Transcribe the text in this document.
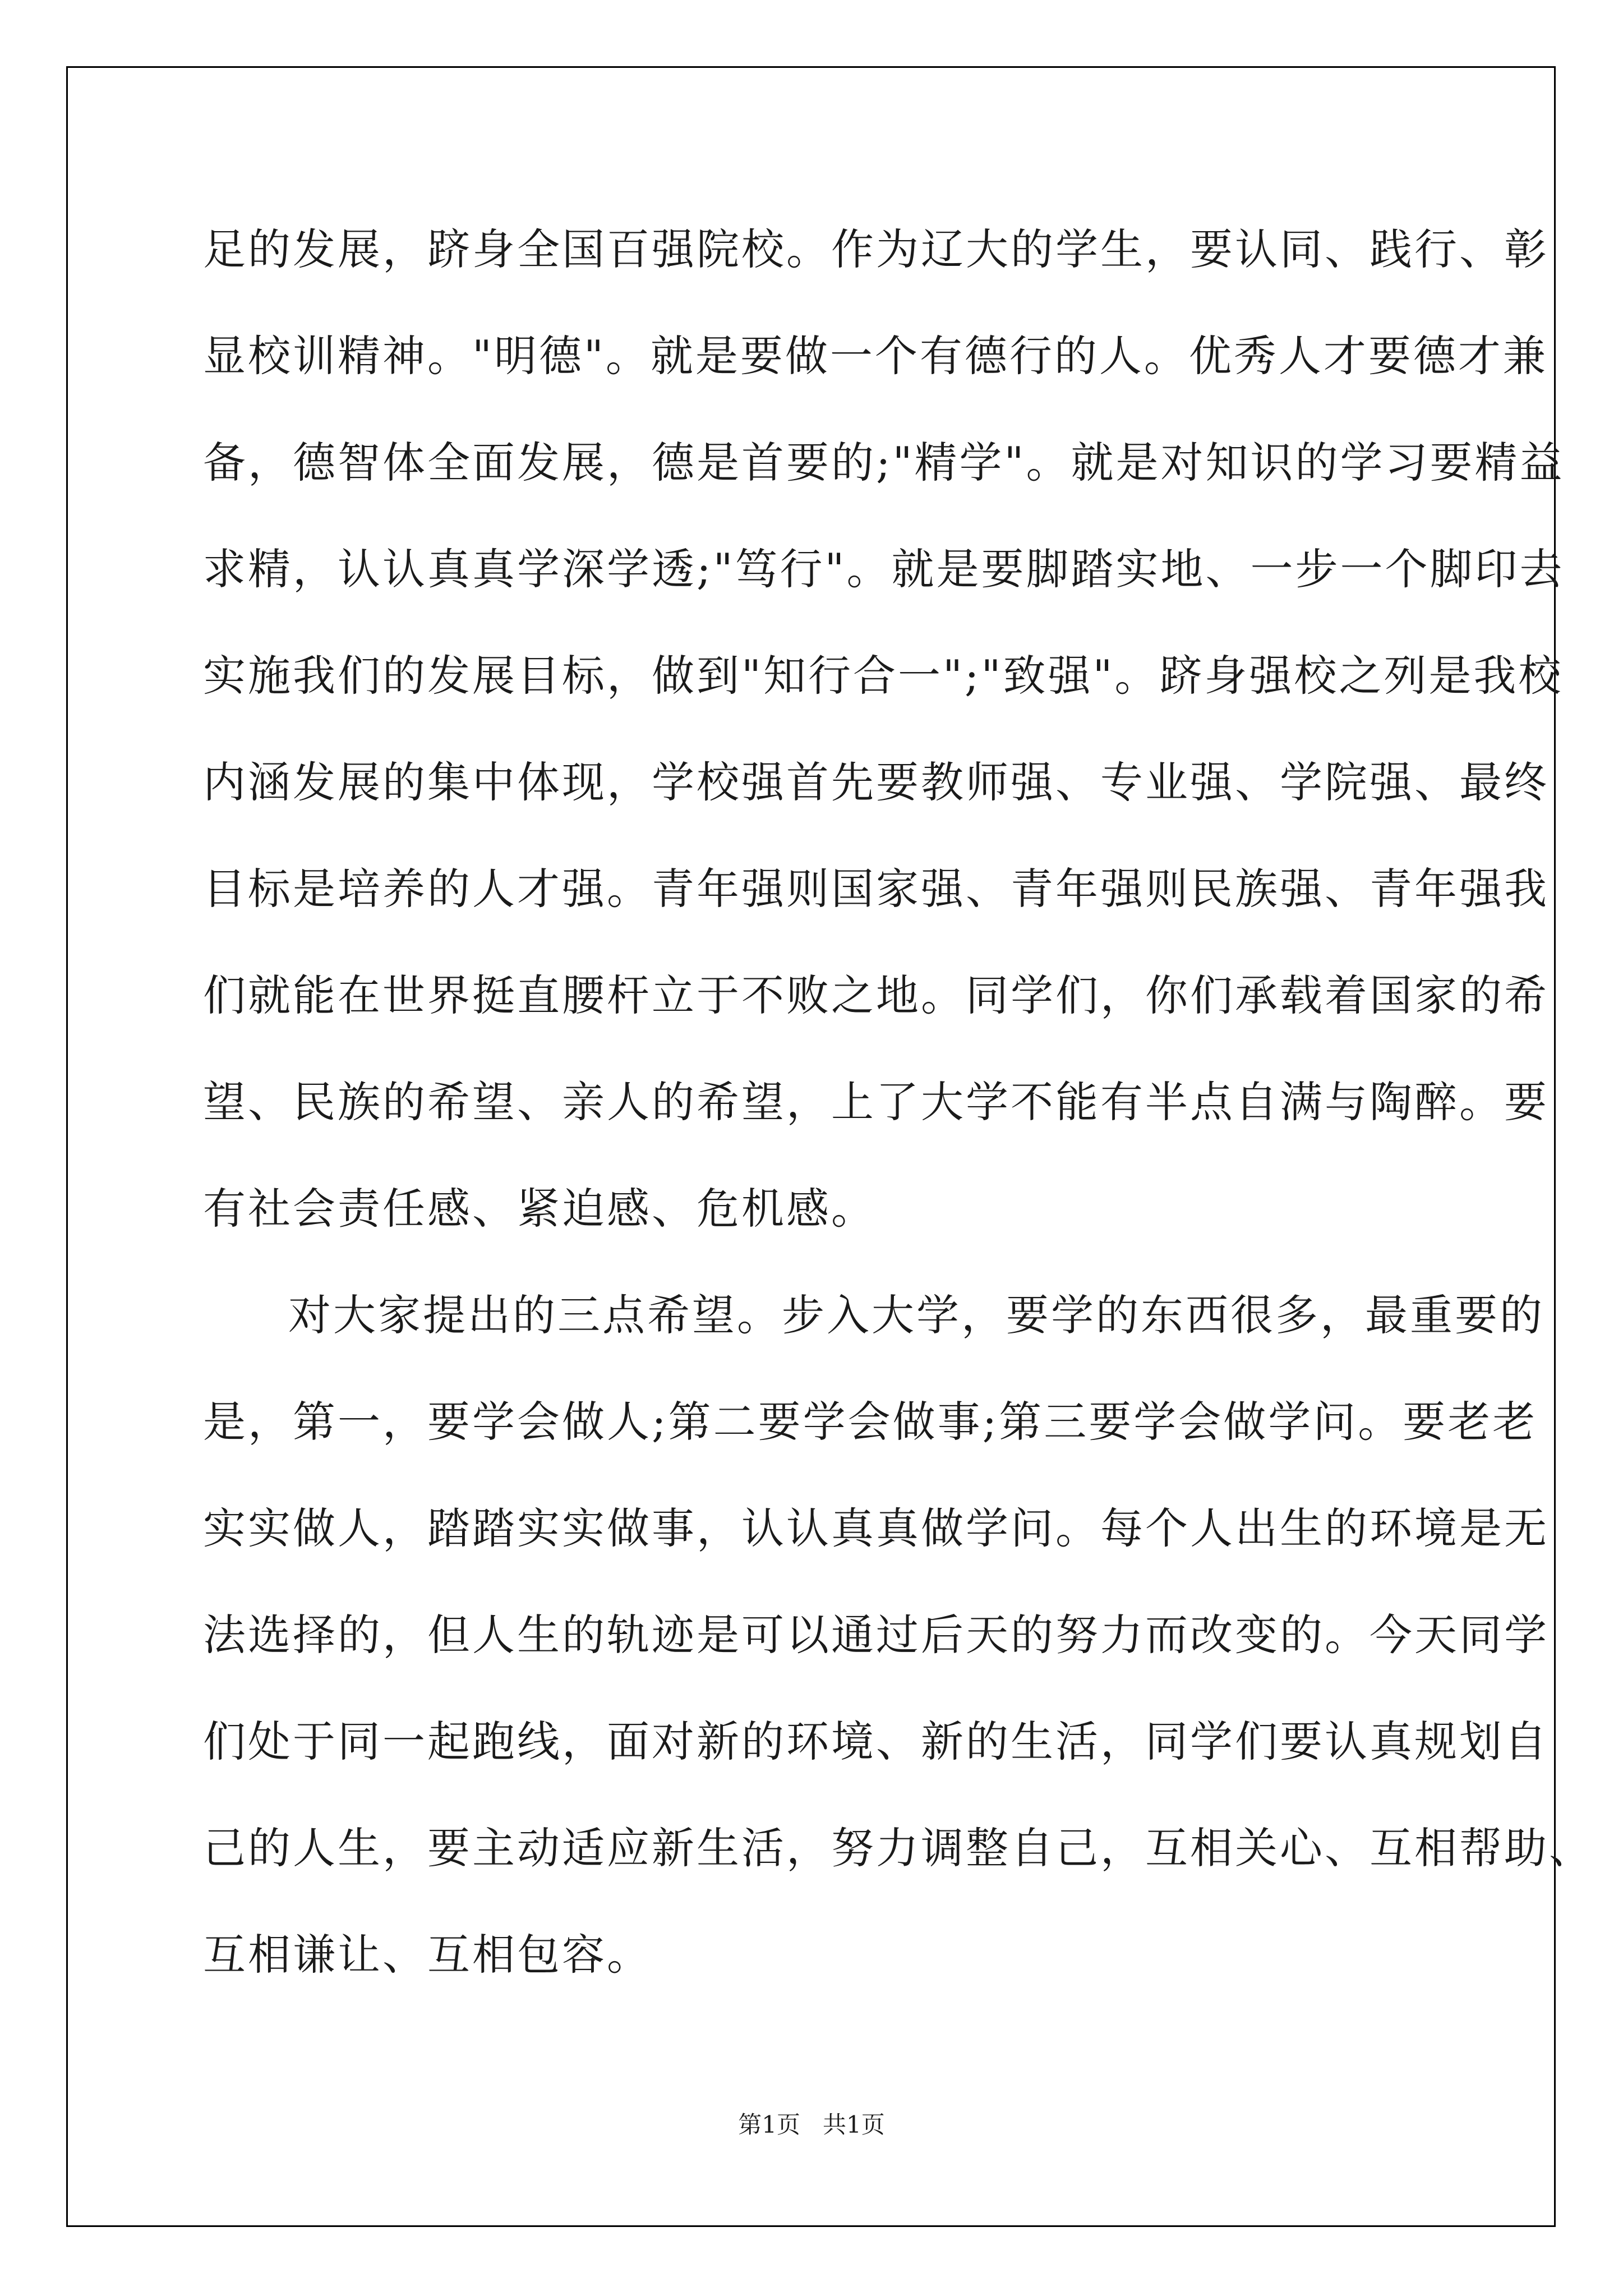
足的发展，跻身全国百强院校。作为辽大的学生，要认同、践行、彰
显校训精神。"明德"。就是要做一个有德行的人。优秀人才要德才兼
备，德智体全面发展，德是首要的;"精学"。就是对知识的学习要精益
求精，认认真真学深学透;"笃行"。就是要脚踏实地、一步一个脚印去
实施我们的发展目标，做到"知行合一";"致强"。跻身强校之列是我校
内涵发展的集中体现，学校强首先要教师强、专业强、学院强、最终
目标是培养的人才强。青年强则国家强、青年强则民族强、青年强我
们就能在世界挺直腰杆立于不败之地。同学们，你们承载着国家的希
望、民族的希望、亲人的希望，上了大学不能有半点自满与陶醉。要
有社会责任感、紧迫感、危机感。
对大家提出的三点希望。步入大学，要学的东西很多，最重要的
是，第一，要学会做人;第二要学会做事;第三要学会做学问。要老老
实实做人，踏踏实实做事，认认真真做学问。每个人出生的环境是无
法选择的，但人生的轨迹是可以通过后天的努力而改变的。今天同学
们处于同一起跑线，面对新的环境、新的生活，同学们要认真规划自
己的人生，要主动适应新生活，努力调整自己，互相关心、互相帮助、
互相谦让、互相包容。
第1页   共1页
